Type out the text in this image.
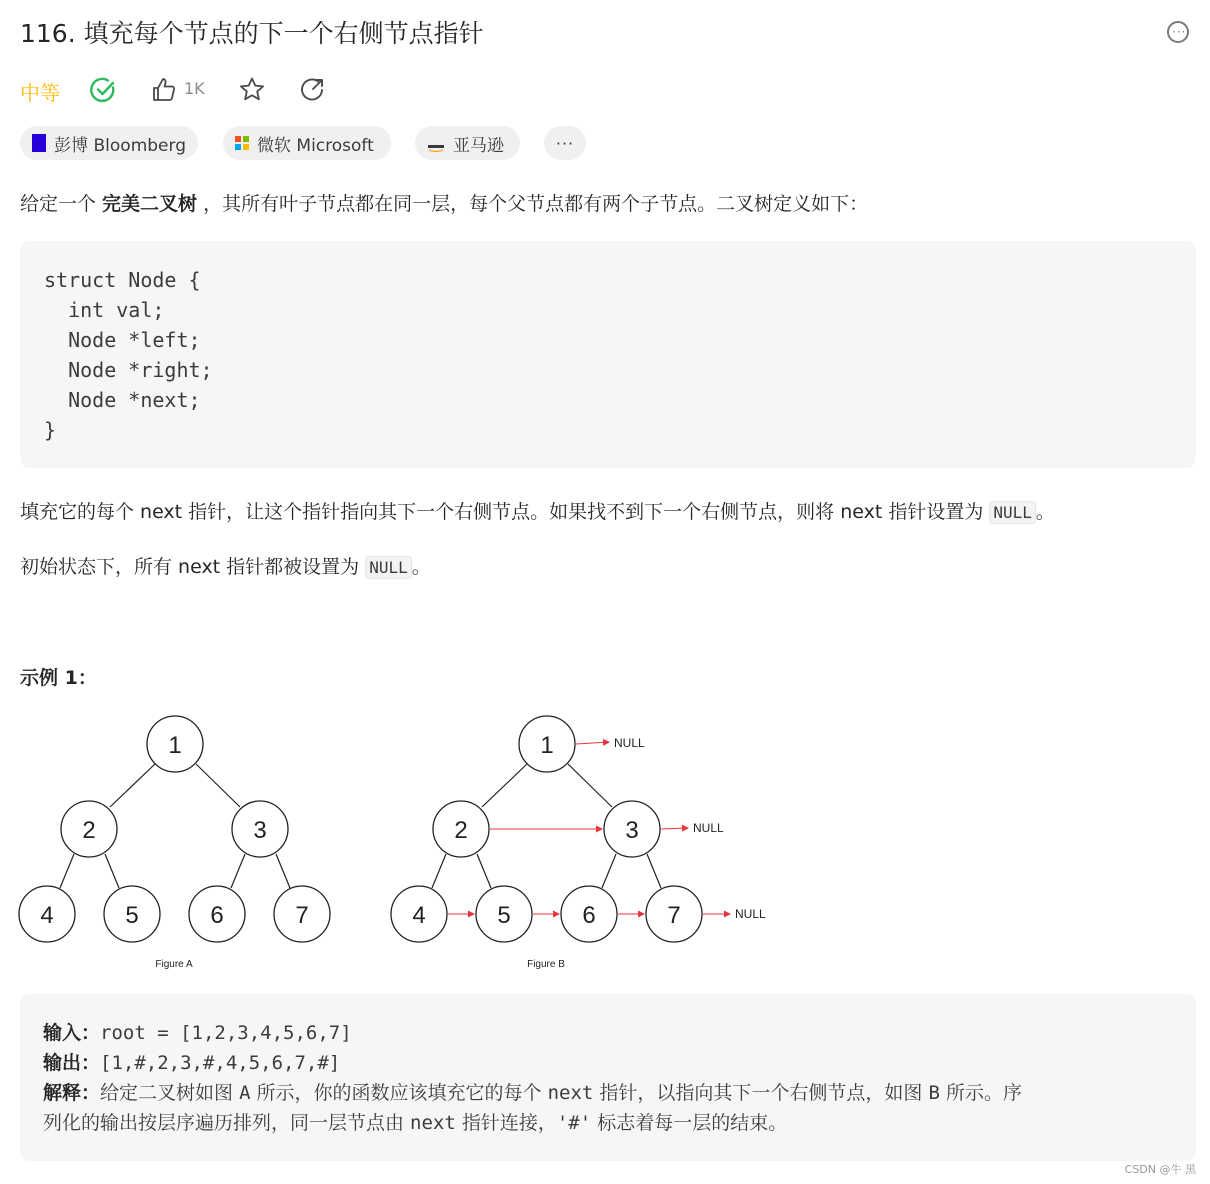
116. 填充每个节点的下一个右侧节点指针	···
中等	1K
彭博 Bloomberg	微软 Microsoft	亚马逊	···

给定一个 完美二叉树 ，其所有叶子节点都在同一层，每个父节点都有两个子节点。二叉树定义如下：

struct Node {
int val;
Node *left;
Node *right;
Node *next;
}

填充它的每个 next 指针，让这个指针指向其下一个右侧节点。如果找不到下一个右侧节点，则将 next 指针设置为 NULL 。

初始状态下，所有 next 指针都被设置为 NULL 。

示例 1：
1
2	3
4	5	6	7
Figure A
1
2	3
4	5	6	7
NULL
NULL
NULL
Figure B
输入：root = [1,2,3,4,5,6,7]
输出：[1,#,2,3,#,4,5,6,7,#]
解释：给定二叉树如图 A 所示，你的函数应该填充它的每个 next 指针，以指向其下一个右侧节点，如图 B 所示。序
列化的输出按层序遍历排列，同一层节点由 next 指针连接，'#' 标志着每一层的结束。
CSDN @牛 黑
